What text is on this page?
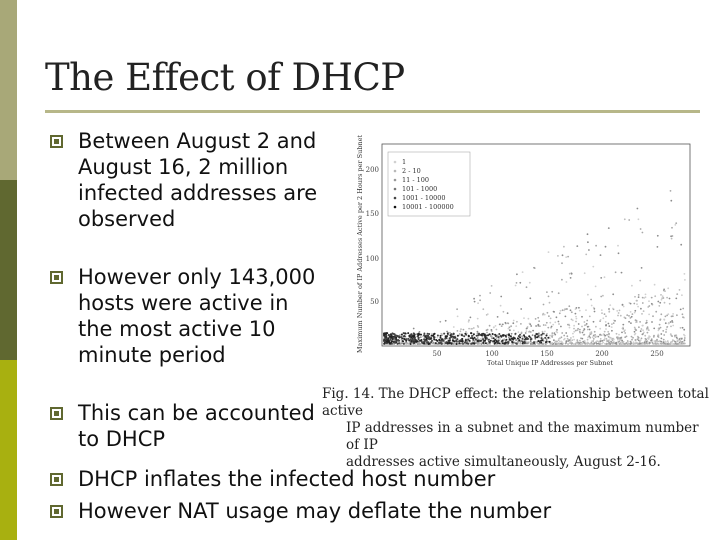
The Effect of DHCP
Between August 2 and August 16, 2 million infected addresses are observed
However only 143,000 hosts were active in the most active 10 minute period
This can be accounted to DHCP
DHCP inflates the infected host number
However NAT usage may deflate the number
Maximum Number of IP Addresses Active per 2 Hours per Subnet 50
100
150
200
50	100	150	200	250
Total Unique IP Addresses per Subnet
1
2 - 10
11 - 100
101 - 1000
1001 - 10000
10001 - 100000
Fig. 14. The DHCP effect: the relationship between total active
IP addresses in a subnet and the maximum number of IP
addresses active simultaneously, August 2-16.
